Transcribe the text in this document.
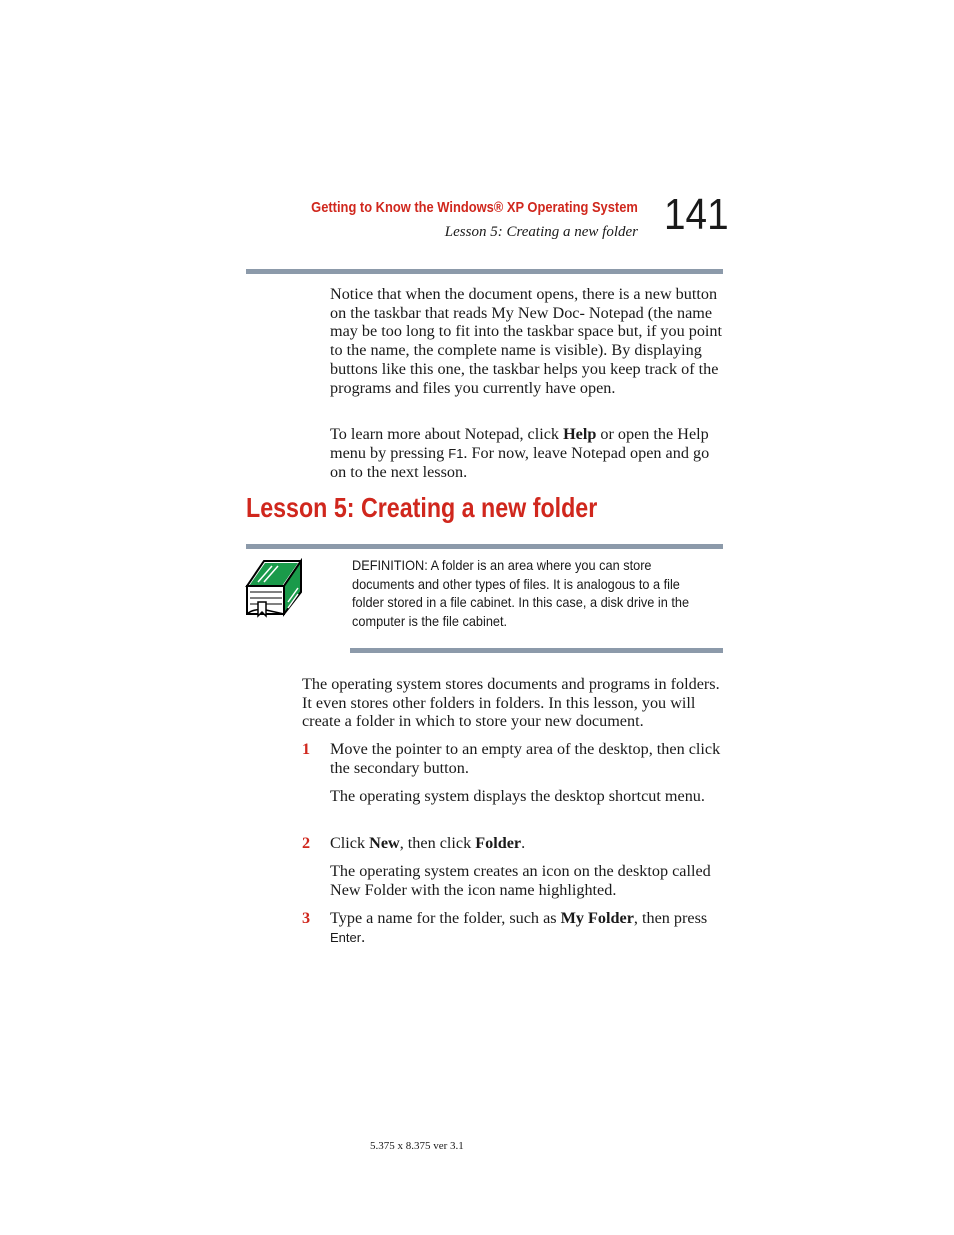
Getting to Know the Windows® XP Operating System
Lesson 5: Creating a new folder 141

Notice that when the document opens, there is a new button on the taskbar that reads My New Doc- Notepad (the name may be too long to fit into the taskbar space but, if you point to the name, the complete name is visible). By displaying buttons like this one, the taskbar helps you keep track of the programs and files you currently have open.

To learn more about Notepad, click Help or open the Help menu by pressing F1. For now, leave Notepad open and go on to the next lesson.

Lesson 5: Creating a new folder

DEFINITION: A folder is an area where you can store documents and other types of files. It is analogous to a file folder stored in a file cabinet. In this case, a disk drive in the computer is the file cabinet.

The operating system stores documents and programs in folders. It even stores other folders in folders. In this lesson, you will create a folder in which to store your new document.

1 Move the pointer to an empty area of the desktop, then click the secondary button.

The operating system displays the desktop shortcut menu.

2 Click New, then click Folder.

The operating system creates an icon on the desktop called New Folder with the icon name highlighted.

3 Type a name for the folder, such as My Folder, then press Enter.

5.375 x 8.375 ver 3.1
